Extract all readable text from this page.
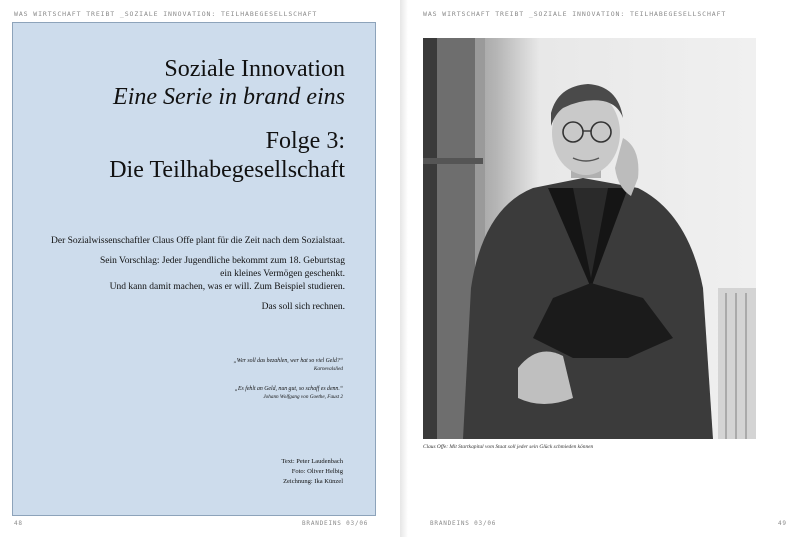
WAS WIRTSCHAFT TREIBT _SOZIALE INNOVATION: TEILHABEGESELLSCHAFT
Soziale Innovation
Eine Serie in brand eins
Folge 3:
Die Teilhabegesellschaft

Der Sozialwissenschaftler Claus Offe plant für die Zeit nach dem Sozialstaat.

Sein Vorschlag: Jeder Jugendliche bekommt zum 18. Geburtstag
ein kleines Vermögen geschenkt.
Und kann damit machen, was er will. Zum Beispiel studieren.

Das soll sich rechnen.

„Wer soll das bezahlen, wer hat so viel Geld?“

Karnevalslied

„Es fehlt an Geld, nun gut, so schaff es denn.“

Johann Wolfgang von Goethe, Faust 2

Text: Peter Laudenbach
Foto: Oliver Helbig
Zeichnung: Ika Künzel
48	BRANDEINS 03/06
WAS WIRTSCHAFT TREIBT _SOZIALE INNOVATION: TEILHABEGESELLSCHAFT
Claus Offe: Mit Startkapital vom Staat soll jeder sein Glück schmieden können
BRANDEINS 03/06	49
